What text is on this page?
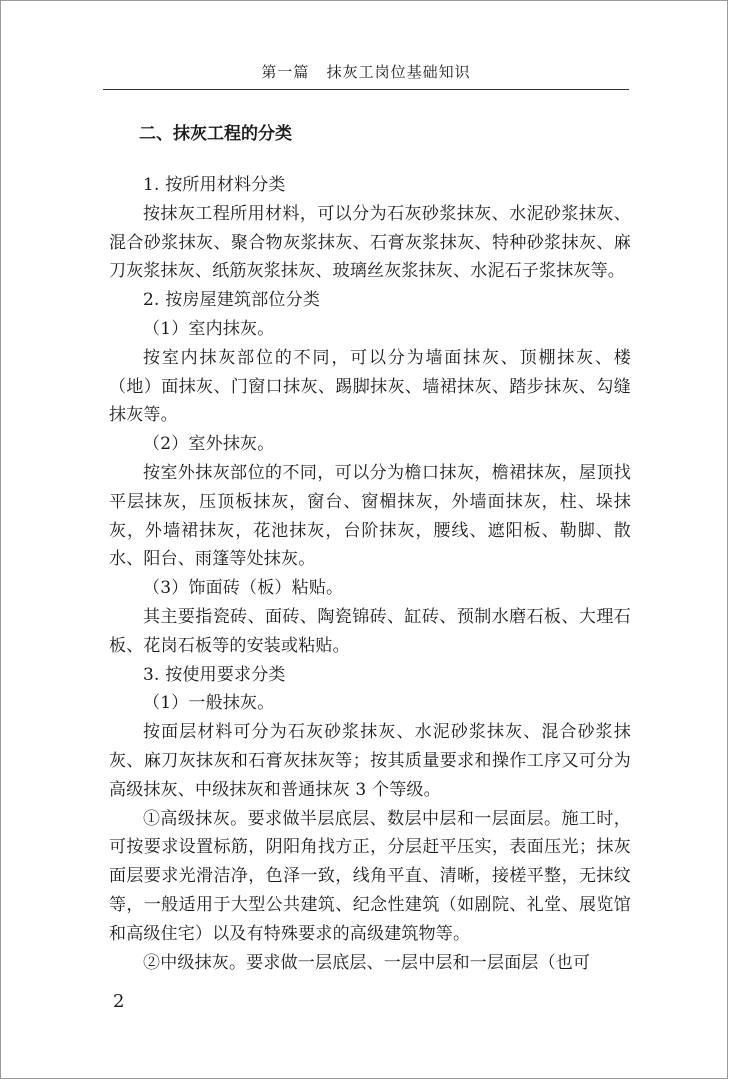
第一篇   抹灰工岗位基础知识
二、抹灰工程的分类

1. 按所用材料分类

按抹灰工程所用材料，可以分为石灰砂浆抹灰、水泥砂浆抹灰、混合砂浆抹灰、聚合物灰浆抹灰、石膏灰浆抹灰、特种砂浆抹灰、麻刀灰浆抹灰、纸筋灰浆抹灰、玻璃丝灰浆抹灰、水泥石子浆抹灰等。

2. 按房屋建筑部位分类

（1）室内抹灰。

按室内抹灰部位的不同，可以分为墙面抹灰、顶棚抹灰、楼（地）面抹灰、门窗口抹灰、踢脚抹灰、墙裙抹灰、踏步抹灰、勾缝抹灰等。

（2）室外抹灰。

按室外抹灰部位的不同，可以分为檐口抹灰，檐裙抹灰，屋顶找平层抹灰，压顶板抹灰，窗台、窗楣抹灰，外墙面抹灰，柱、垛抹灰，外墙裙抹灰，花池抹灰，台阶抹灰，腰线、遮阳板、勒脚、散水、阳台、雨篷等处抹灰。

（3）饰面砖（板）粘贴。

其主要指瓷砖、面砖、陶瓷锦砖、缸砖、预制水磨石板、大理石板、花岗石板等的安装或粘贴。

3. 按使用要求分类

（1）一般抹灰。

按面层材料可分为石灰砂浆抹灰、水泥砂浆抹灰、混合砂浆抹灰、麻刀灰抹灰和石膏灰抹灰等；按其质量要求和操作工序又可分为高级抹灰、中级抹灰和普通抹灰 3 个等级。

①高级抹灰。要求做半层底层、数层中层和一层面层。施工时，可按要求设置标筋，阴阳角找方正，分层赶平压实，表面压光；抹灰面层要求光滑洁净，色泽一致，线角平直、清晰，接槎平整，无抹纹等，一般适用于大型公共建筑、纪念性建筑（如剧院、礼堂、展览馆和高级住宅）以及有特殊要求的高级建筑物等。

②中级抹灰。要求做一层底层、一层中层和一层面层（也可

2
